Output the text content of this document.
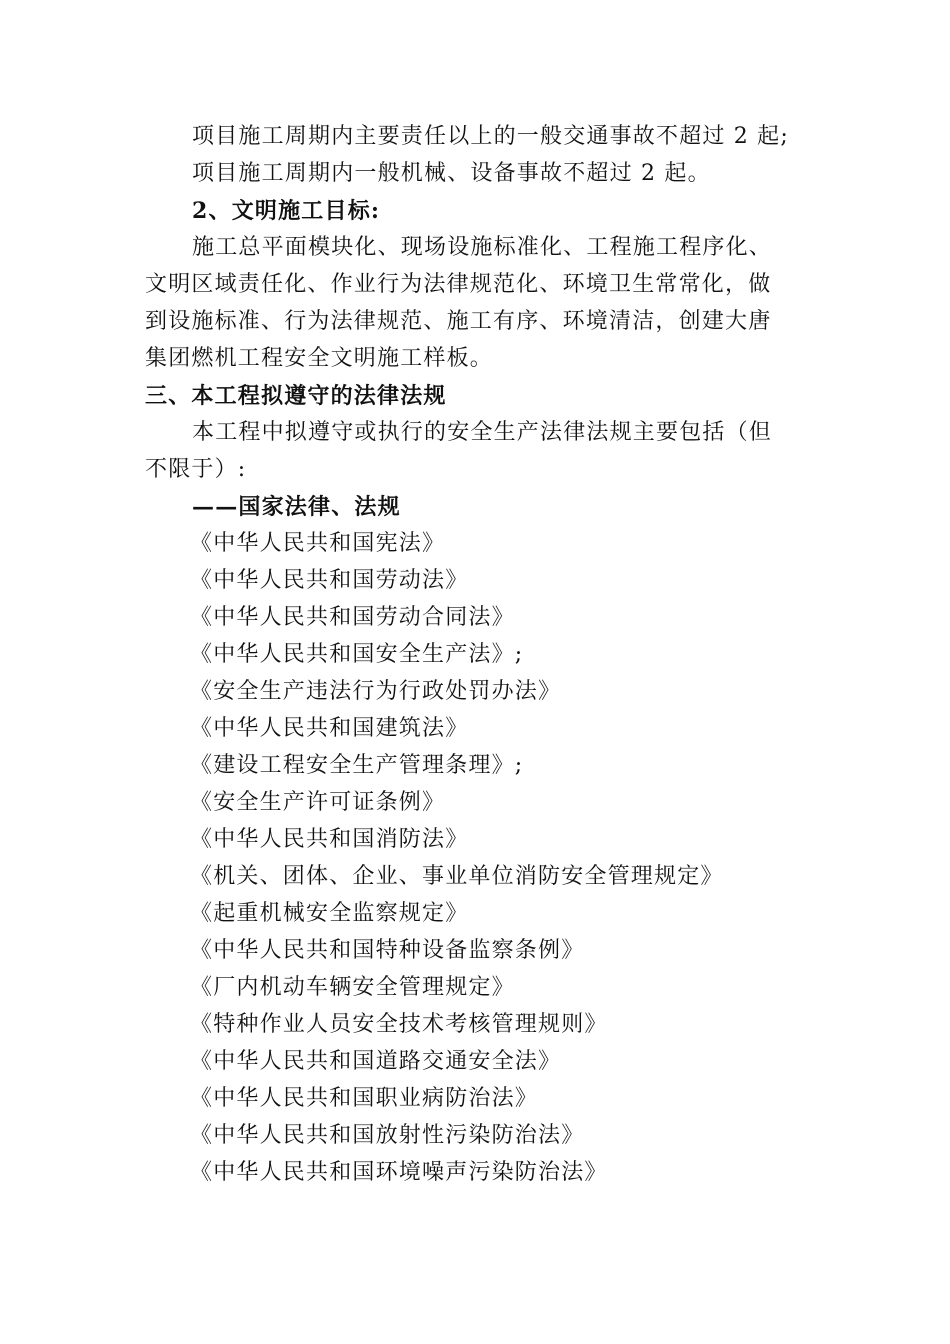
项目施工周期内主要责任以上的一般交通事故不超过 2 起;
项目施工周期内一般机械、设备事故不超过 2 起。
2、文明施工目标:
施工总平面模块化、现场设施标准化、工程施工程序化、
文明区域责任化、作业行为法律规范化、环境卫生常常化，做
到设施标准、行为法律规范、施工有序、环境清洁，创建大唐
集团燃机工程安全文明施工样板。
三、本工程拟遵守的法律法规
本工程中拟遵守或执行的安全生产法律法规主要包括（但
不限于）:
——国家法律、法规
《中华人民共和国宪法》
《中华人民共和国劳动法》
《中华人民共和国劳动合同法》
《中华人民共和国安全生产法》;
《安全生产违法行为行政处罚办法》
《中华人民共和国建筑法》
《建设工程安全生产管理条理》;
《安全生产许可证条例》
《中华人民共和国消防法》
《机关、团体、企业、事业单位消防安全管理规定》
《起重机械安全监察规定》
《中华人民共和国特种设备监察条例》
《厂内机动车辆安全管理规定》
《特种作业人员安全技术考核管理规则》
《中华人民共和国道路交通安全法》
《中华人民共和国职业病防治法》
《中华人民共和国放射性污染防治法》
《中华人民共和国环境噪声污染防治法》
